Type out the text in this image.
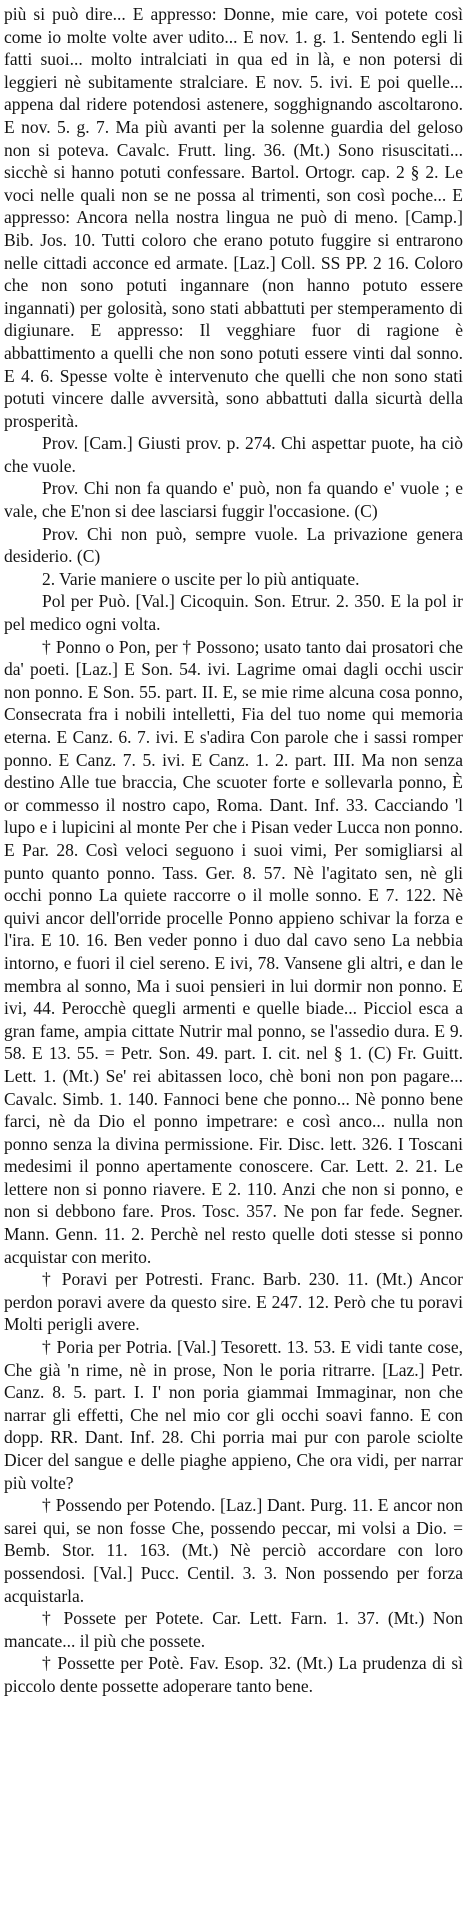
più si può dire... E appresso: Donne, mie care, voi potete così come io molte volte aver udito... E nov. 1. g. 1. Sentendo egli li fatti suoi... molto intralciati in qua ed in là, e non potersi di leggieri nè subitamente stralciare. E nov. 5. ivi. E poi quelle... appena dal ridere potendosi astenere, sogghignando ascoltarono. E nov. 5. g. 7. Ma più avanti per la solenne guardia del geloso non si poteva. Cavalc. Frutt. ling. 36. (Mt.) Sono risuscitati... sicchè si hanno potuti confessare. Bartol. Ortogr. cap. 2 § 2. Le voci nelle quali non se ne possa al trimenti, son così poche... E appresso: Ancora nella nostra lingua ne può di meno. [Camp.] Bib. Jos. 10. Tutti coloro che erano potuto fuggire si entrarono nelle cittadi acconce ed armate. [Laz.] Coll. SS PP. 2 16. Coloro che non sono potuti ingannare (non hanno potuto essere ingannati) per golosità, sono stati abbattuti per stemperamento di digiunare. E appresso: Il vegghiare fuor di ragione è abbattimento a quelli che non sono potuti essere vinti dal sonno. E 4. 6. Spesse volte è intervenuto che quelli che non sono stati potuti vincere dalle avversità, sono abbattuti dalla sicurtà della prosperità.

Prov. [Cam.] Giusti prov. p. 274. Chi aspettar puote, ha ciò che vuole.

Prov. Chi non fa quando e' può, non fa quando e' vuole ; e vale, che E'non si dee lasciarsi fuggir l'occasione. (C)

Prov. Chi non può, sempre vuole. La privazione genera desiderio. (C)

2. Varie maniere o uscite per lo più antiquate.

Pol per Può. [Val.] Cicoquin. Son. Etrur. 2. 350. E la pol ir pel medico ogni volta.

† Ponno o Pon, per † Possono; usato tanto dai prosatori che da' poeti. [Laz.] E Son. 54. ivi. Lagrime omai dagli occhi uscir non ponno. E Son. 55. part. II. E, se mie rime alcuna cosa ponno, Consecrata fra i nobili intelletti, Fia del tuo nome qui memoria eterna. E Canz. 6. 7. ivi. E s'adira Con parole che i sassi romper ponno. E Canz. 7. 5. ivi. E Canz. 1. 2. part. III. Ma non senza destino Alle tue braccia, Che scuoter forte e sollevarla ponno, È or commesso il nostro capo, Roma. Dant. Inf. 33. Cacciando 'l lupo e i lupicini al monte Per che i Pisan veder Lucca non ponno. E Par. 28. Così veloci seguono i suoi vimi, Per somigliarsi al punto quanto ponno. Tass. Ger. 8. 57. Nè l'agitato sen, nè gli occhi ponno La quiete raccorre o il molle sonno. E 7. 122. Nè quivi ancor dell'orride procelle Ponno appieno schivar la forza e l'ira. E 10. 16. Ben veder ponno i duo dal cavo seno La nebbia intorno, e fuori il ciel sereno. E ivi, 78. Vansene gli altri, e dan le membra al sonno, Ma i suoi pensieri in lui dormir non ponno. E ivi, 44. Perocchè quegli armenti e quelle biade... Picciol esca a gran fame, ampia cittate Nutrir mal ponno, se l'assedio dura. E 9. 58. E 13. 55. = Petr. Son. 49. part. I. cit. nel § 1. (C) Fr. Guitt. Lett. 1. (Mt.) Se' rei abitassen loco, chè boni non pon pagare... Cavalc. Simb. 1. 140. Fannoci bene che ponno... Nè ponno bene farci, nè da Dio el ponno impetrare: e così anco... nulla non ponno senza la divina permissione. Fir. Disc. lett. 326. I Toscani medesimi il ponno apertamente conoscere. Car. Lett. 2. 21. Le lettere non si ponno riavere. E 2. 110. Anzi che non si ponno, e non si debbono fare. Pros. Tosc. 357. Ne pon far fede. Segner. Mann. Genn. 11. 2. Perchè nel resto quelle doti stesse si ponno acquistar con merito.

† Poravi per Potresti. Franc. Barb. 230. 11. (Mt.) Ancor perdon poravi avere da questo sire. E 247. 12. Però che tu poravi Molti perigli avere.

† Poria per Potria. [Val.] Tesorett. 13. 53. E vidi tante cose, Che già 'n rime, nè in prose, Non le poria ritrarre. [Laz.] Petr. Canz. 8. 5. part. I. I' non poria giammai Immaginar, non che narrar gli effetti, Che nel mio cor gli occhi soavi fanno. E con dopp. RR. Dant. Inf. 28. Chi porria mai pur con parole sciolte Dicer del sangue e delle piaghe appieno, Che ora vidi, per narrar più volte?

† Possendo per Potendo. [Laz.] Dant. Purg. 11. E ancor non sarei qui, se non fosse Che, possendo peccar, mi volsi a Dio. = Bemb. Stor. 11. 163. (Mt.) Nè perciò accordare con loro possendosi. [Val.] Pucc. Centil. 3. 3. Non possendo per forza acquistarla.

† Possete per Potete. Car. Lett. Farn. 1. 37. (Mt.) Non mancate... il più che possete.

† Possette per Potè. Fav. Esop. 32. (Mt.) La prudenza di sì piccolo dente possette adoperare tanto bene.
